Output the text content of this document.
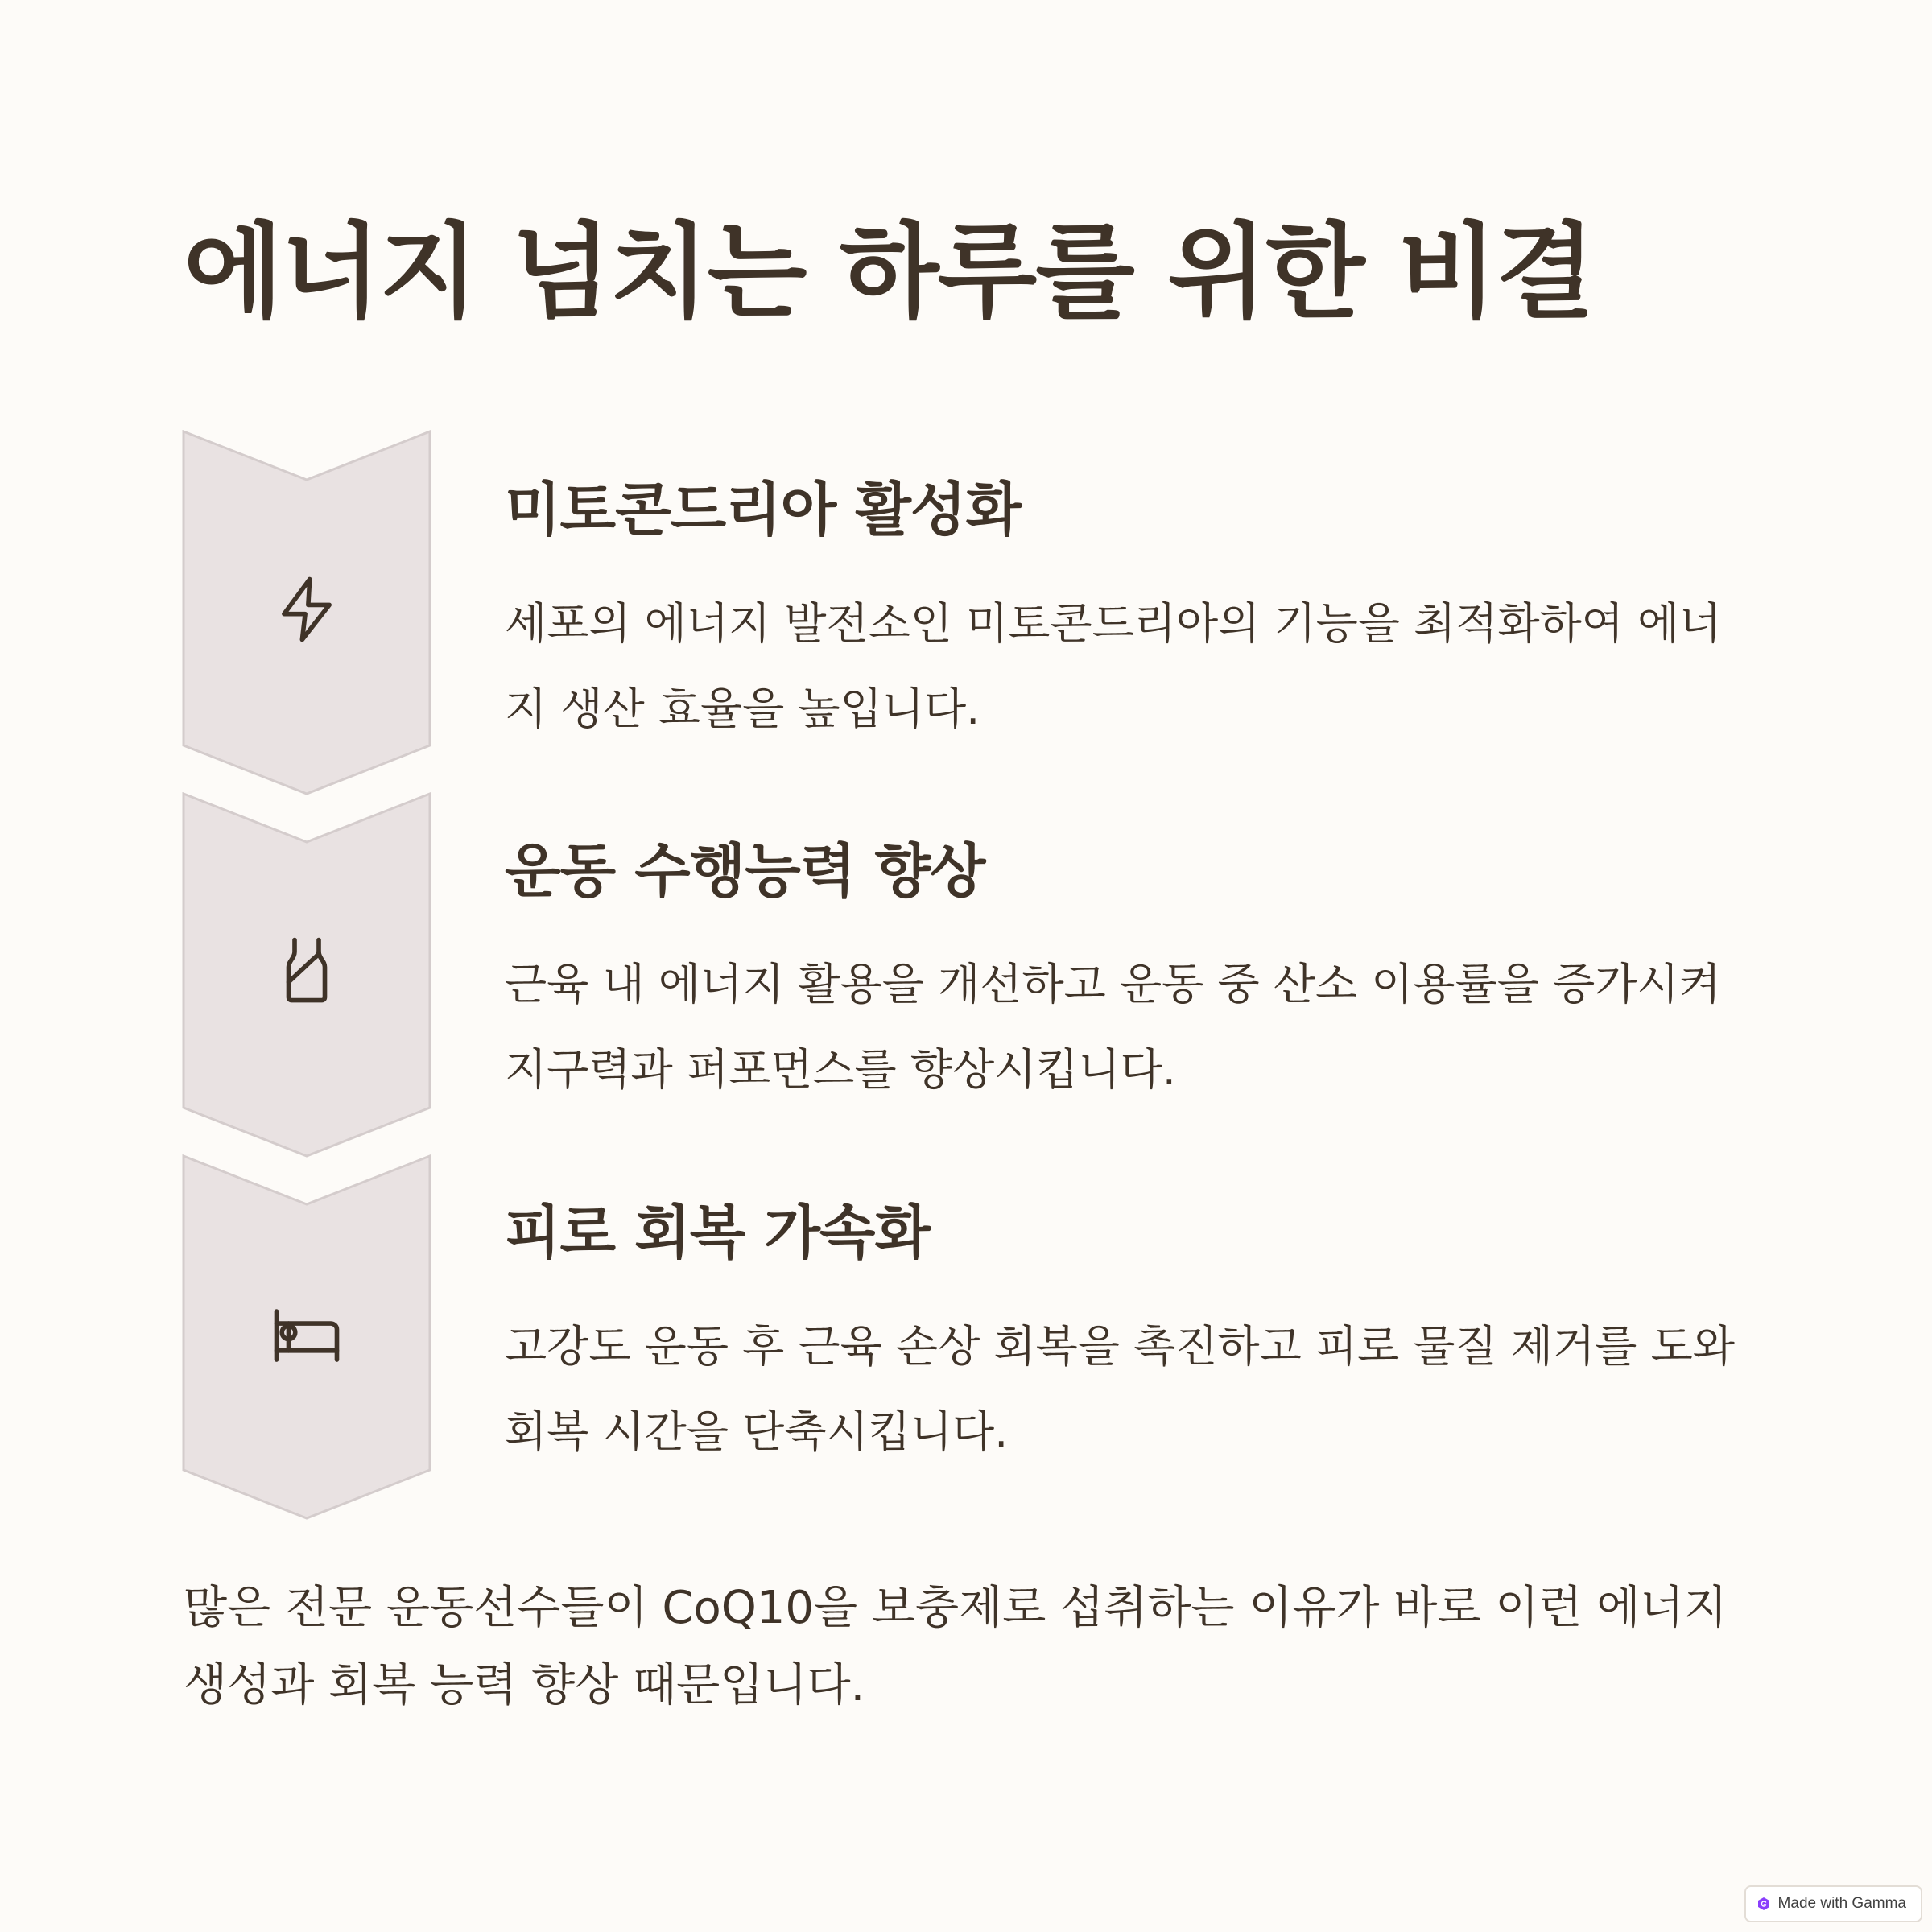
에너지 넘치는 하루를 위한 비결
미토콘드리아 활성화

세포의 에너지 발전소인 미토콘드리아의 기능을 최적화하여 에너지 생산 효율을 높입니다.

운동 수행능력 향상

근육 내 에너지 활용을 개선하고 운동 중 산소 이용률을 증가시켜 지구력과 퍼포먼스를 향상시킵니다.

피로 회복 가속화

고강도 운동 후 근육 손상 회복을 촉진하고 피로 물질 제거를 도와 회복 시간을 단축시킵니다.

많은 전문 운동선수들이 CoQ10을 보충제로 섭취하는 이유가 바로 이런 에너지 생성과 회복 능력 향상 때문입니다.

Made with Gamma
